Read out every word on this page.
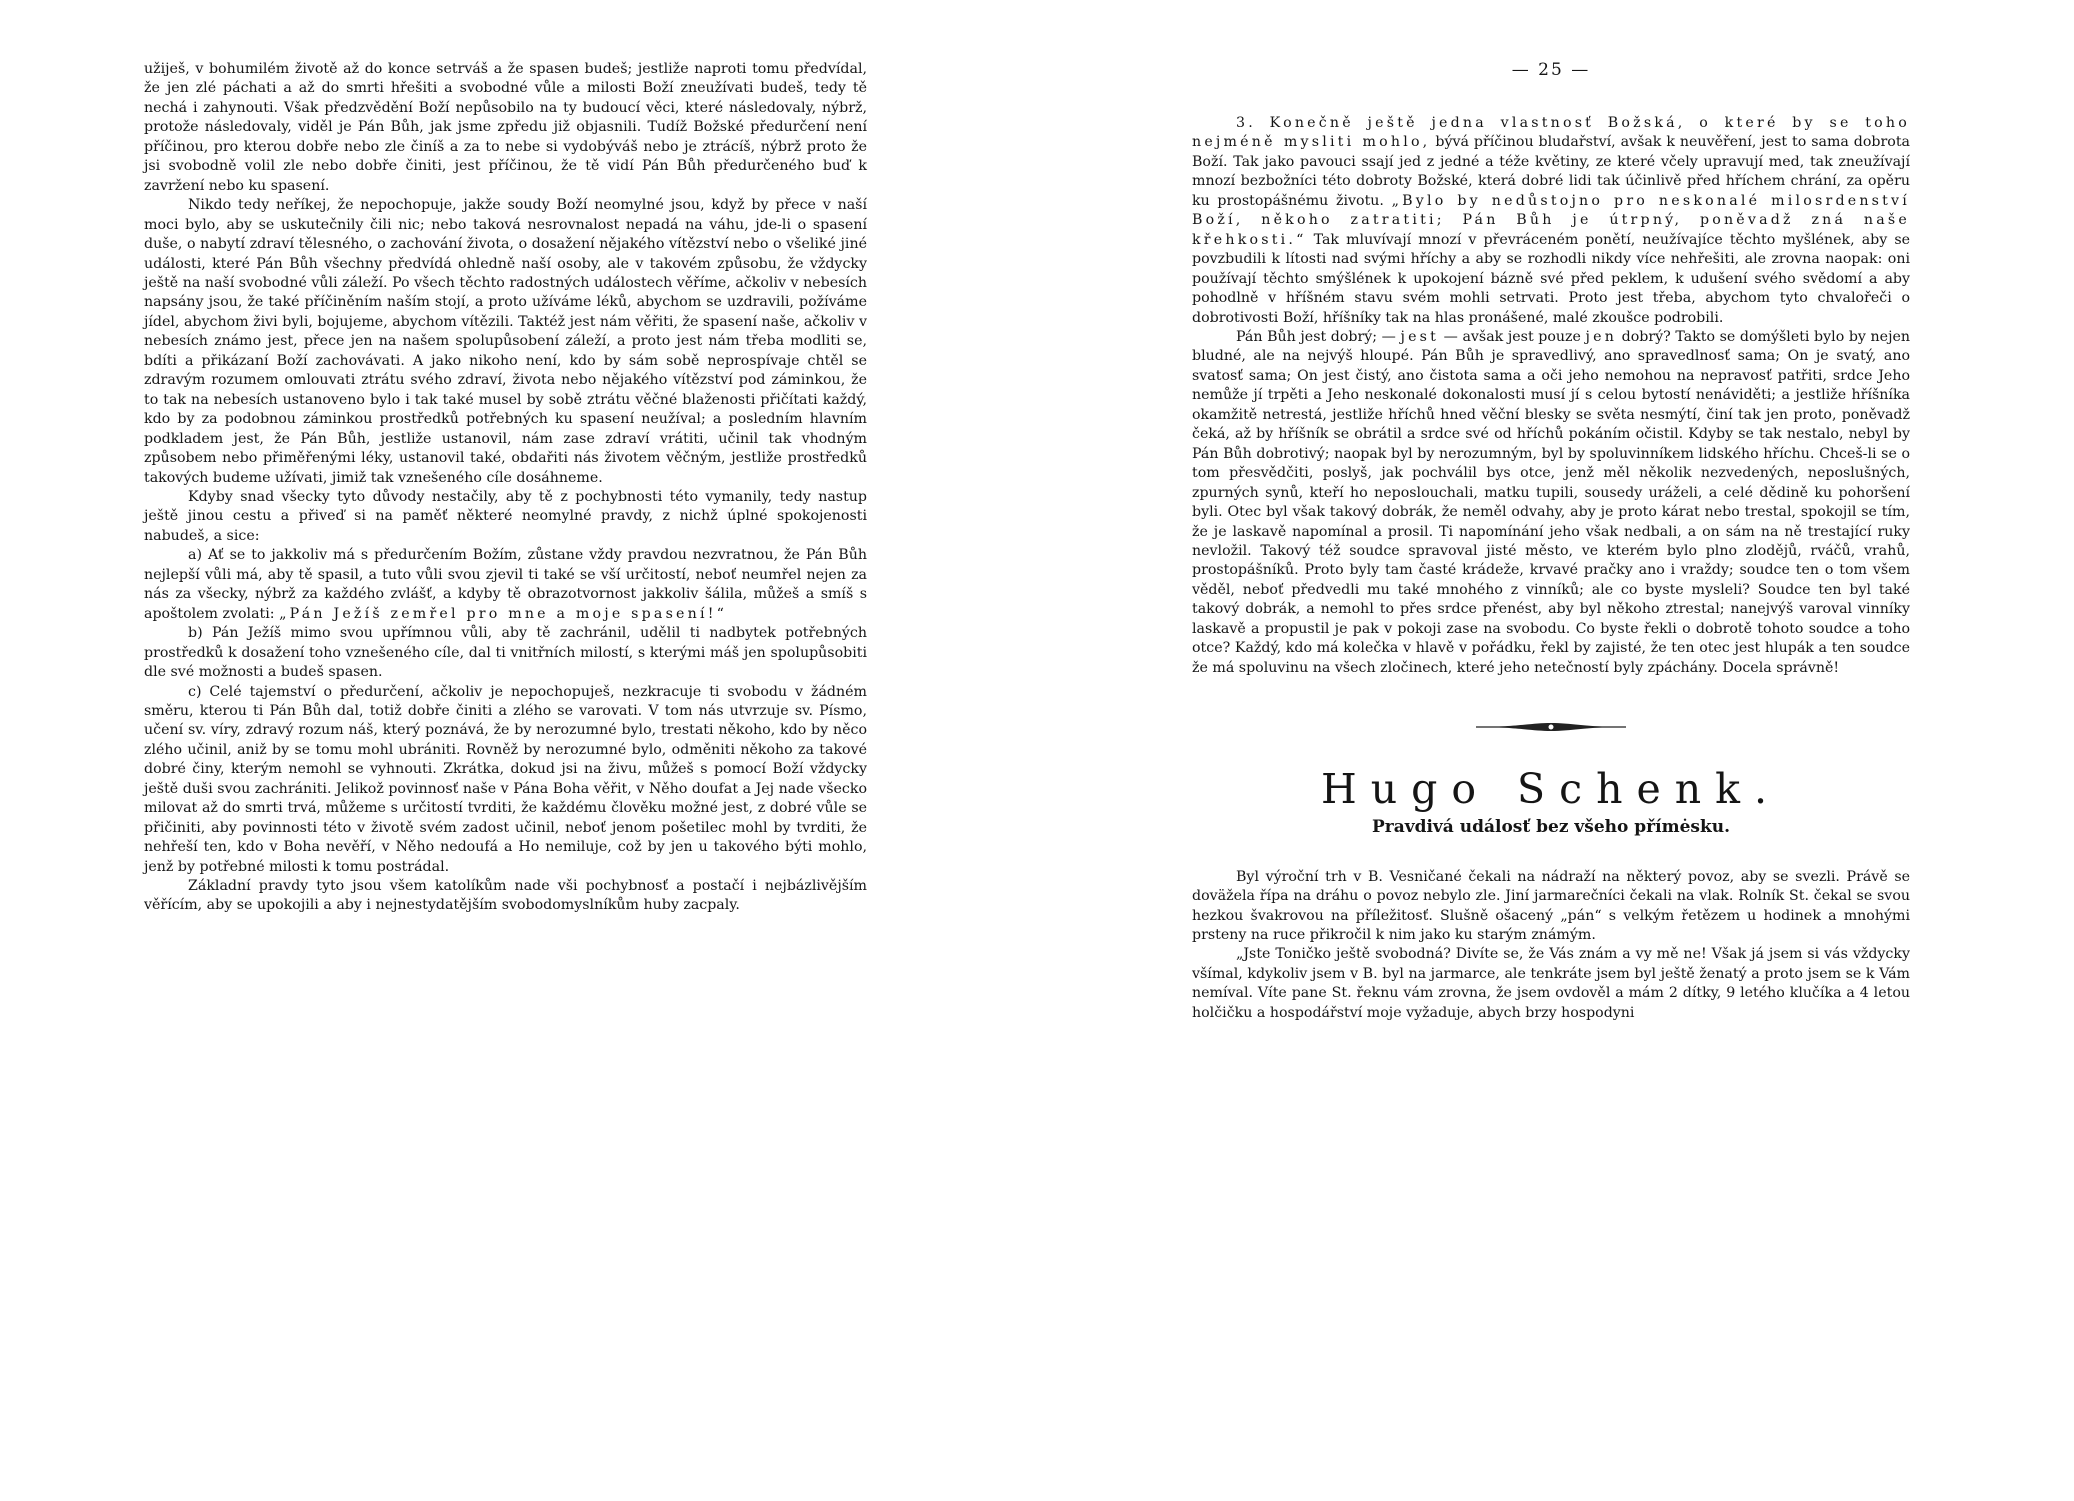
užiješ, v bohumilém životě až do konce setrváš a že spasen budeš; jestliže naproti tomu předvídal, že jen zlé páchati a až do smrti hřešiti a svobodné vůle a milosti Boží zneužívati budeš, tedy tě nechá i zahynouti. Však předzvědění Boží nepůsobilo na ty budoucí věci, které následovaly, nýbrž, protože následovaly, viděl je Pán Bůh, jak jsme zpředu již objasnili. Tudíž Božské předurčení není příčinou, pro kterou dobře nebo zle činíš a za to nebe si vydobýváš nebo je ztrácíš, nýbrž proto že jsi svobodně volil zle nebo dobře činiti, jest příčinou, že tě vidí Pán Bůh předurčeného buď k zavržení nebo ku spasení.

Nikdo tedy neříkej, že nepochopuje, jakže soudy Boží neomylné jsou, když by přece v naší moci bylo, aby se uskutečnily čili nic; nebo taková nesrovnalost nepadá na váhu, jde-li o spasení duše, o nabytí zdraví tělesného, o zachování života, o dosažení nějakého vítězství nebo o všeliké jiné události, které Pán Bůh všechny předvídá ohledně naší osoby, ale v takovém způsobu, že vždycky ještě na naší svobodné vůli záleží. Po všech těchto radostných událostech věříme, ačkoliv v nebesích napsány jsou, že také příčiněním naším stojí, a proto užíváme léků, abychom se uzdravili, požíváme jídel, abychom živi byli, bojujeme, abychom vítězili. Taktéž jest nám věřiti, že spasení naše, ačkoliv v nebesích známo jest, přece jen na našem spolupůsobení záleží, a proto jest nám třeba modliti se, bdíti a přikázaní Boží zachovávati. A jako nikoho není, kdo by sám sobě neprospívaje chtěl se zdravým rozumem omlouvati ztrátu svého zdraví, života nebo nějakého vítězství pod záminkou, že to tak na nebesích ustanoveno bylo i tak také musel by sobě ztrátu věčné blaženosti přičítati každý, kdo by za podobnou záminkou prostředků potřebných ku spasení neužíval; a posledním hlavním podkladem jest, že Pán Bůh, jestliže ustanovil, nám zase zdraví vrátiti, učinil tak vhodným způsobem nebo přiměřenými léky, ustanovil také, obdařiti nás životem věčným, jestliže prostředků takových budeme užívati, jimiž tak vznešeného cíle dosáhneme.

Kdyby snad všecky tyto důvody nestačily, aby tě z pochybnosti této vymanily, tedy nastup ještě jinou cestu a přiveď si na paměť některé neomylné pravdy, z nichž úplné spokojenosti nabudeš, a sice:

a) Ať se to jakkoliv má s předurčením Božím, zůstane vždy pravdou nezvratnou, že Pán Bůh nejlepší vůli má, aby tě spasil, a tuto vůli svou zjevil ti také se vší určitostí, neboť neumřel nejen za nás za všecky, nýbrž za každého zvlášť, a kdyby tě obrazotvornost jakkoliv šálila, můžeš a smíš s apoštolem zvolati: „Pán Ježíš zemřel pro mne a moje spasení!“

b) Pán Ježíš mimo svou upřímnou vůli, aby tě zachránil, udělil ti nadbytek potřebných prostředků k dosažení toho vznešeného cíle, dal ti vnitřních milostí, s kterými máš jen spolupůsobiti dle své možnosti a budeš spasen.

c) Celé tajemství o předurčení, ačkoliv je nepochopuješ, nezkracuje ti svobodu v žádném směru, kterou ti Pán Bůh dal, totiž dobře činiti a zlého se varovati. V tom nás utvrzuje sv. Písmo, učení sv. víry, zdravý rozum náš, který poznává, že by nerozumné bylo, trestati někoho, kdo by něco zlého učinil, aniž by se tomu mohl ubrániti. Rovněž by nerozumné bylo, odměniti někoho za takové dobré činy, kterým nemohl se vyhnouti. Zkrátka, dokud jsi na živu, můžeš s pomocí Boží vždycky ještě duši svou zachrániti. Jelikož povinnosť naše v Pána Boha věřit, v Něho doufat a Jej nade všecko milovat až do smrti trvá, můžeme s určitostí tvrditi, že každému člověku možné jest, z dobré vůle se přičiniti, aby povinnosti této v životě svém zadost učinil, neboť jenom pošetilec mohl by tvrditi, že nehřeší ten, kdo v Boha nevěří, v Něho nedoufá a Ho nemiluje, což by jen u takového býti mohlo, jenž by potřebné milosti k tomu postrádal.

Základní pravdy tyto jsou všem katolíkům nade vši pochybnosť a postačí i nejbázlivějším věřícím, aby se upokojili a aby i nejnestydatějším svobodomyslníkům huby zacpaly.

— 25 —

3. Konečně ještě jedna vlastnosť Božská, o které by se toho nejméně mysliti mohlo, bývá příčinou bludařství, avšak k neuvěření, jest to sama dobrota Boží. Tak jako pavouci ssají jed z jedné a téže květiny, ze které včely upravují med, tak zneužívají mnozí bezbožníci této dobroty Božské, která dobré lidi tak účinlivě před hříchem chrání, za opěru ku prostopášnému životu. „Bylo by nedůstojno pro neskonalé milosrdenství Boží, někoho zatratiti; Pán Bůh je útrpný, poněvadž zná naše křehkosti.“ Tak mluvívají mnozí v převráceném ponětí, neužívajíce těchto myšlének, aby se povzbudili k lítosti nad svými hříchy a aby se rozhodli nikdy více nehřešiti, ale zrovna naopak: oni používají těchto smýšlének k upokojení bázně své před peklem, k udušení svého svědomí a aby pohodlně v hříšném stavu svém mohli setrvati. Proto jest třeba, abychom tyto chvalořeči o dobrotivosti Boží, hříšníky tak na hlas pronášené, malé zkoušce podrobili.

Pán Bůh jest dobrý; — jest — avšak jest pouze jen dobrý? Takto se domýšleti bylo by nejen bludné, ale na nejvýš hloupé. Pán Bůh je spravedlivý, ano spravedlnosť sama; On je svatý, ano svatosť sama; On jest čistý, ano čistota sama a oči jeho nemohou na nepravosť patřiti, srdce Jeho nemůže jí trpěti a Jeho neskonalé dokonalosti musí jí s celou bytostí nenáviděti; a jestliže hříšníka okamžitě netrestá, jestliže hříchů hned věční blesky se světa nesmýtí, činí tak jen proto, poněvadž čeká, až by hříšník se obrátil a srdce své od hříchů pokáním očistil. Kdyby se tak nestalo, nebyl by Pán Bůh dobrotivý; naopak byl by nerozumným, byl by spoluvinníkem lidského hříchu. Chceš-li se o tom přesvědčiti, poslyš, jak pochválil bys otce, jenž měl několik nezvedených, neposlušných, zpurných synů, kteří ho neposlouchali, matku tupili, sousedy uráželi, a celé dědině ku pohoršení byli. Otec byl však takový dobrák, že neměl odvahy, aby je proto kárat nebo trestal, spokojil se tím, že je laskavě napomínal a prosil. Ti napomínání jeho však nedbali, a on sám na ně trestající ruky nevložil. Takový též soudce spravoval jisté město, ve kterém bylo plno zlodějů, rváčů, vrahů, prostopášníků. Proto byly tam časté krádeže, krvavé pračky ano i vraždy; soudce ten o tom všem věděl, neboť předvedli mu také mnohého z vinníků; ale co byste mysleli? Soudce ten byl také takový dobrák, a nemohl to přes srdce přenést, aby byl někoho ztrestal; nanejvýš varoval vinníky laskavě a propustil je pak v pokoji zase na svobodu. Co byste řekli o dobrotě tohoto soudce a toho otce? Každý, kdo má kolečka v hlavě v pořádku, řekl by zajisté, že ten otec jest hlupák a ten soudce že má spoluvinu na všech zločinech, které jeho netečností byly zpáchány. Docela správně!

Hugo Schenk.
Pravdivá událosť bez všeho přímėsku.

Byl výroční trh v B. Vesničané čekali na nádraží na některý povoz, aby se svezli. Právě se doväžela řípa na dráhu o povoz nebylo zle. Jiní jarmarečníci čekali na vlak. Rolník St. čekal se svou hezkou švakrovou na příležitosť. Slušně ošacený „pán“ s velkým řetězem u hodinek a mnohými prsteny na ruce přikročil k nim jako ku starým známým.

„Jste Toničko ještě svobodná? Divíte se, že Vás znám a vy mě ne! Však já jsem si vás vždycky všímal, kdykoliv jsem v B. byl na jarmarce, ale tenkráte jsem byl ještě ženatý a proto jsem se k Vám nemíval. Víte pane St. řeknu vám zrovna, že jsem ovdověl a mám 2 dítky, 9 letého klučíka a 4 letou holčičku a hospodářství moje vyžaduje, abych brzy hospodyni
